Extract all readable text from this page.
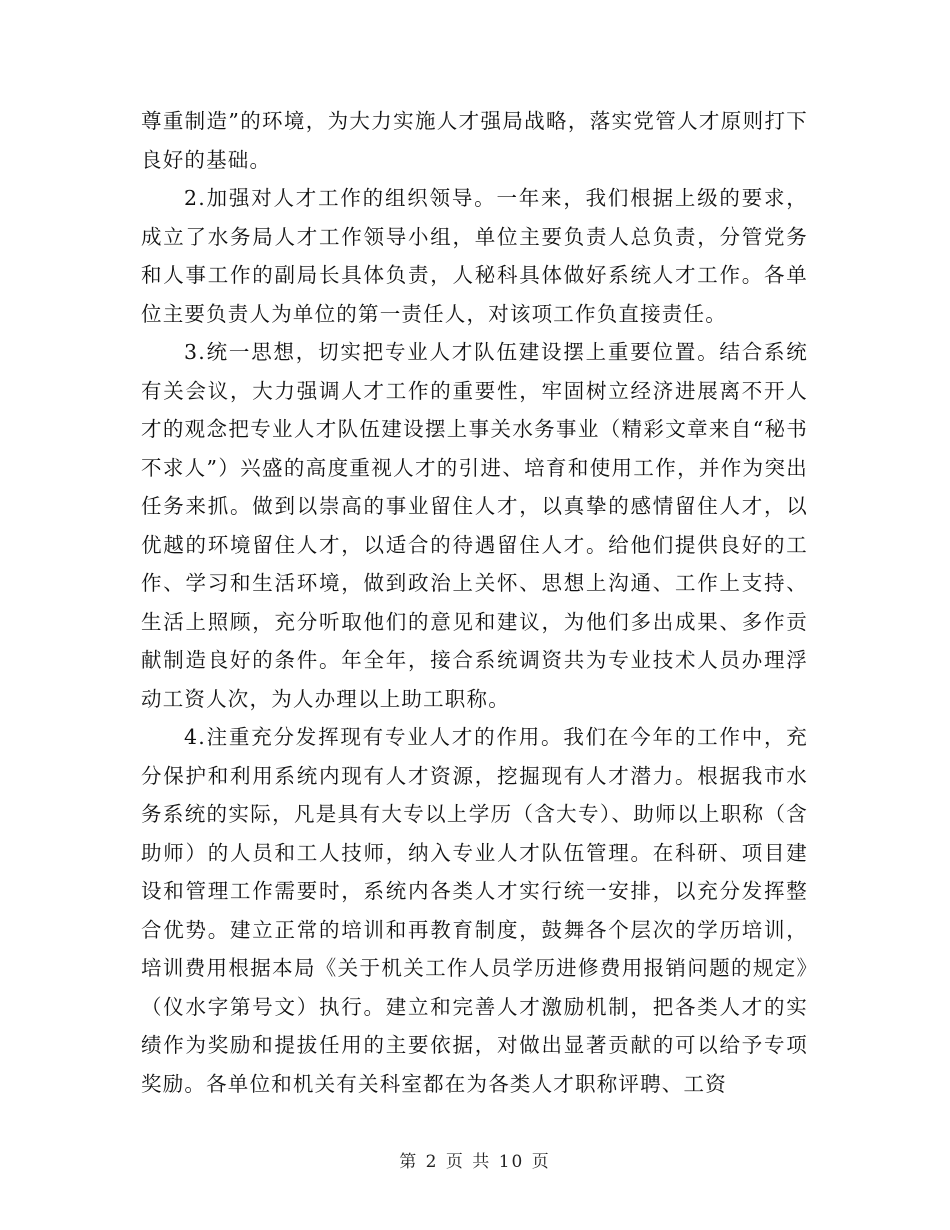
尊重制造”的环境，为大力实施人才强局战略，落实党管人才原则打下良好的基础。

2.加强对人才工作的组织领导。一年来，我们根据上级的要求，成立了水务局人才工作领导小组，单位主要负责人总负责，分管党务和人事工作的副局长具体负责，人秘科具体做好系统人才工作。各单位主要负责人为单位的第一责任人，对该项工作负直接责任。

3.统一思想，切实把专业人才队伍建设摆上重要位置。结合系统有关会议，大力强调人才工作的重要性，牢固树立经济进展离不开人才的观念把专业人才队伍建设摆上事关水务事业（精彩文章来自“秘书不求人”）兴盛的高度重视人才的引进、培育和使用工作，并作为突出任务来抓。做到以崇高的事业留住人才，以真挚的感情留住人才，以优越的环境留住人才，以适合的待遇留住人才。给他们提供良好的工作、学习和生活环境，做到政治上关怀、思想上沟通、工作上支持、生活上照顾，充分听取他们的意见和建议，为他们多出成果、多作贡献制造良好的条件。年全年，接合系统调资共为专业技术人员办理浮动工资人次，为人办理以上助工职称。

4.注重充分发挥现有专业人才的作用。我们在今年的工作中，充分保护和利用系统内现有人才资源，挖掘现有人才潜力。根据我市水务系统的实际，凡是具有大专以上学历（含大专）、助师以上职称（含助师）的人员和工人技师，纳入专业人才队伍管理。在科研、项目建设和管理工作需要时，系统内各类人才实行统一安排，以充分发挥整合优势。建立正常的培训和再教育制度，鼓舞各个层次的学历培训，培训费用根据本局《关于机关工作人员学历进修费用报销问题的规定》（仪水字第号文）执行。建立和完善人才激励机制，把各类人才的实绩作为奖励和提拔任用的主要依据，对做出显著贡献的可以给予专项奖励。各单位和机关有关科室都在为各类人才职称评聘、工资

第 2 页 共 10 页
